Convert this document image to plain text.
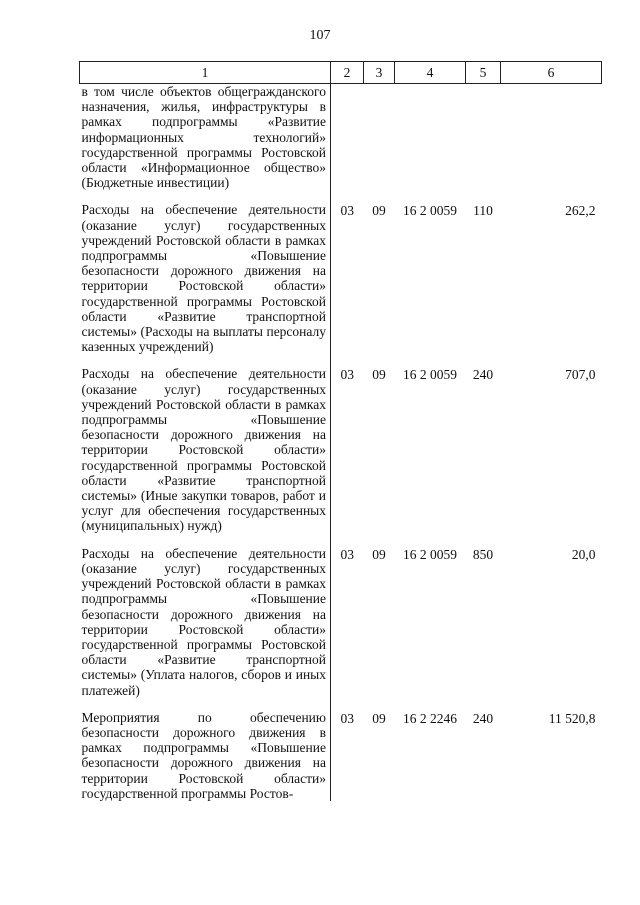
107
1	2	3	4	5	6
в том числе объектов общегражданского назначения, жилья, инфраструктуры в рамках подпрограммы «Развитие информационных технологий» государственной программы Ростовской области «Информационное общество» (Бюджетные инвестиции)					

Расходы на обеспечение деятельности (оказание услуг) государственных учреждений Ростовской области в рамках подпрограммы «Повышение безопасности дорожного движения на территории Ростовской области» государственной программы Ростовской области «Развитие транспортной системы» (Расходы на выплаты персоналу казенных учреждений)	03	09	16 2 0059	110	262,2

Расходы на обеспечение деятельности (оказание услуг) государственных учреждений Ростовской области в рамках подпрограммы «Повышение безопасности дорожного движения на территории Ростовской области» государственной программы Ростовской области «Развитие транспортной системы» (Иные закупки товаров, работ и услуг для обеспечения государственных (муниципальных) нужд)	03	09	16 2 0059	240	707,0

Расходы на обеспечение деятельности (оказание услуг) государственных учреждений Ростовской области в рамках подпрограммы «Повышение безопасности дорожного движения на территории Ростовской области» государственной программы Ростовской области «Развитие транспортной системы» (Уплата налогов, сборов и иных платежей)	03	09	16 2 0059	850	20,0

Мероприятия по обеспечению безопасности дорожного движения в рамках подпрограммы «Повышение безопасности дорожного движения на территории Ростовской области» государственной программы Ростов-	03	09	16 2 2246	240	11 520,8
